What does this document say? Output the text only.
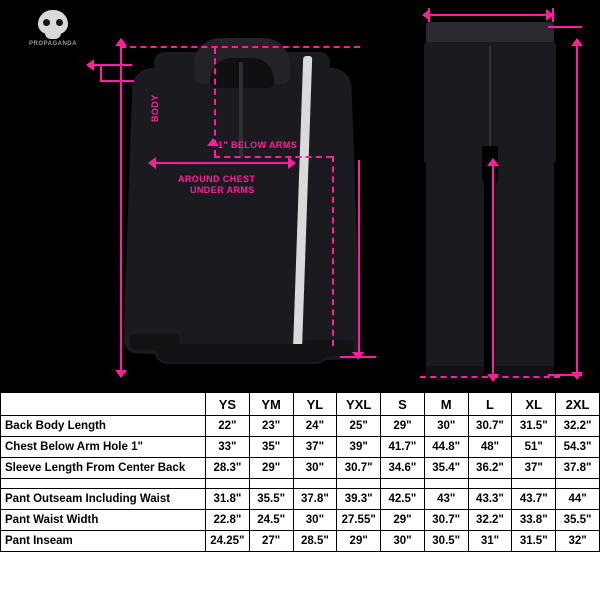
PROPAGANDA
BODY
1" BELOW ARMS
AROUND CHEST
UNDER ARMS
	YS	YM	YL	YXL	S	M	L	XL	2XL
Back Body Length	22"	23"	24"	25"	29"	30"	30.7"	31.5"	32.2"
Chest Below Arm Hole 1"	33"	35"	37"	39"	41.7"	44.8"	48"	51"	54.3"
Sleeve Length From Center Back	28.3"	29"	30"	30.7"	34.6"	35.4"	36.2"	37"	37.8"

Pant Outseam Including Waist	31.8"	35.5"	37.8"	39.3"	42.5"	43"	43.3"	43.7"	44"
Pant Waist Width	22.8"	24.5"	30"	27.55"	29"	30.7"	32.2"	33.8"	35.5"
Pant Inseam	24.25"	27"	28.5"	29"	30"	30.5"	31"	31.5"	32"
